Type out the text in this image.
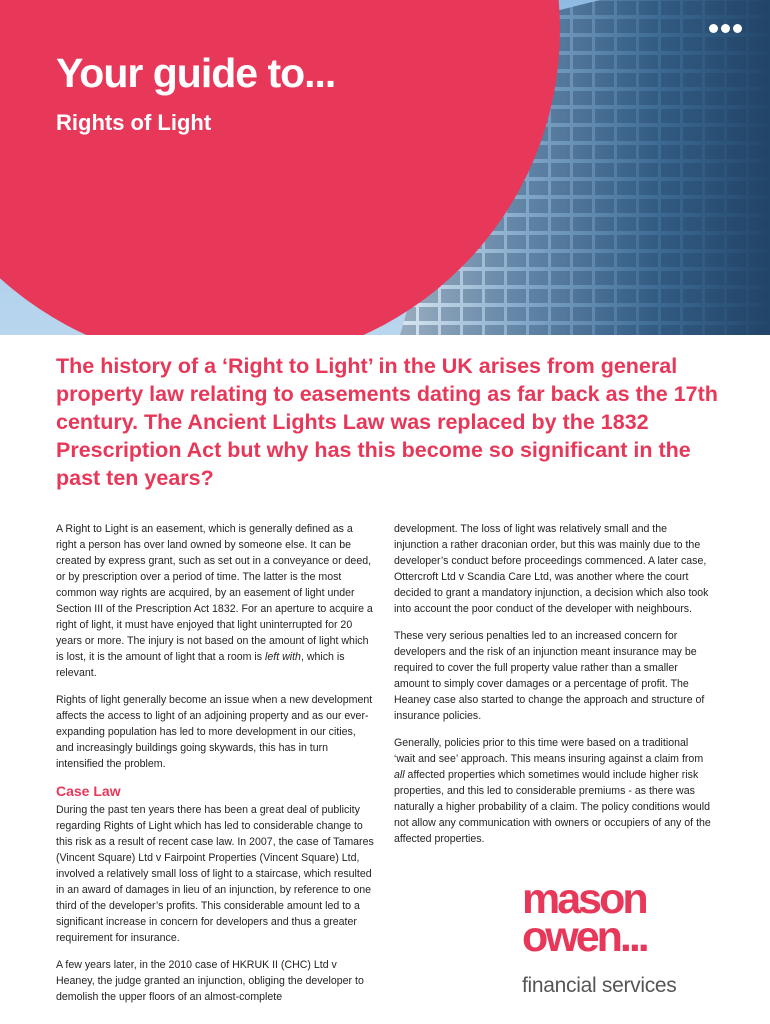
Your guide to...
Rights of Light

The history of a ‘Right to Light’ in the UK arises from general property law relating to easements dating as far back as the 17th century. The Ancient Lights Law was replaced by the 1832 Prescription Act but why has this become so significant in the past ten years?

A Right to Light is an easement, which is generally defined as a right a person has over land owned by someone else. It can be created by express grant, such as set out in a conveyance or deed, or by prescription over a period of time. The latter is the most common way rights are acquired, by an easement of light under Section III of the Prescription Act 1832. For an aperture to acquire a right of light, it must have enjoyed that light uninterrupted for 20 years or more. The injury is not based on the amount of light which is lost, it is the amount of light that a room is left with, which is relevant.

Rights of light generally become an issue when a new development affects the access to light of an adjoining property and as our ever-expanding population has led to more development in our cities, and increasingly buildings going skywards, this has in turn intensified the problem.

Case Law

During the past ten years there has been a great deal of publicity regarding Rights of Light which has led to considerable change to this risk as a result of recent case law. In 2007, the case of Tamares (Vincent Square) Ltd v Fairpoint Properties (Vincent Square) Ltd, involved a relatively small loss of light to a staircase, which resulted in an award of damages in lieu of an injunction, by reference to one third of the developer’s profits. This considerable amount led to a significant increase in concern for developers and thus a greater requirement for insurance.

A few years later, in the 2010 case of HKRUK II (CHC) Ltd v Heaney, the judge granted an injunction, obliging the developer to demolish the upper floors of an almost-complete

development. The loss of light was relatively small and the injunction a rather draconian order, but this was mainly due to the developer’s conduct before proceedings commenced. A later case, Ottercroft Ltd v Scandia Care Ltd, was another where the court decided to grant a mandatory injunction, a decision which also took into account the poor conduct of the developer with neighbours.

These very serious penalties led to an increased concern for developers and the risk of an injunction meant insurance may be required to cover the full property value rather than a smaller amount to simply cover damages or a percentage of profit. The Heaney case also started to change the approach and structure of insurance policies.

Generally, policies prior to this time were based on a traditional ‘wait and see’ approach. This means insuring against a claim from all affected properties which sometimes would include higher risk properties, and this led to considerable premiums - as there was naturally a higher probability of a claim. The policy conditions would not allow any communication with owners or occupiers of any of the affected properties.

mason
owen...
financial services
